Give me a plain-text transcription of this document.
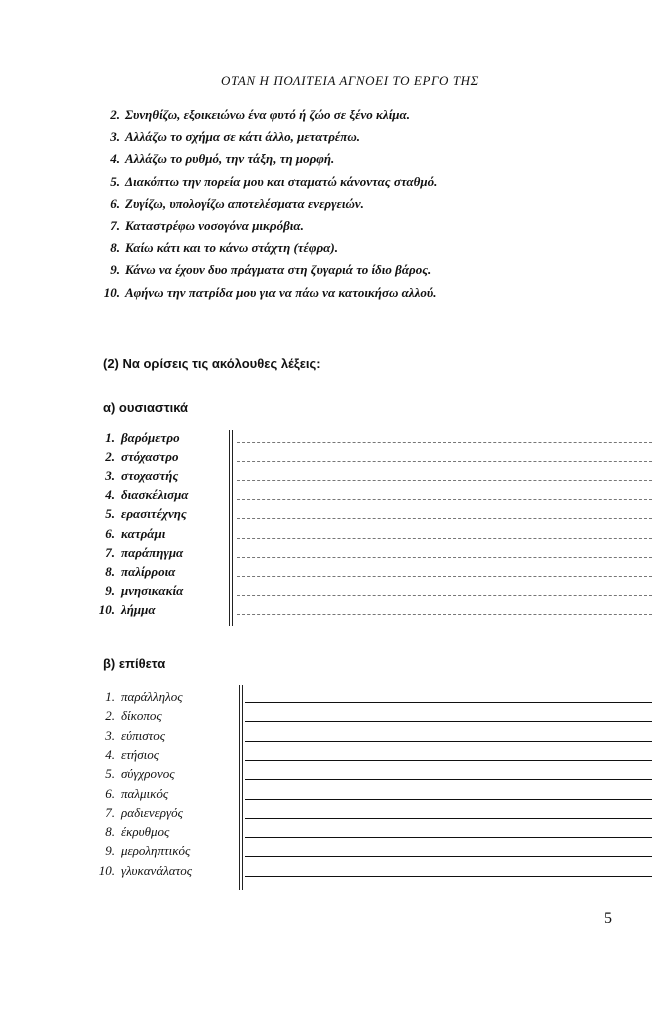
ΟΤΑΝ Η ΠΟΛΙΤΕΙΑ ΑΓΝΟΕΙ ΤΟ ΕΡΓΟ ΤΗΣ
2. Συνηθίζω, εξοικειώνω ένα φυτό ή ζώο σε ξένο κλίμα.
3. Αλλάζω το σχήμα σε κάτι άλλο, μετατρέπω.
4. Αλλάζω το ρυθμό, την τάξη, τη μορφή.
5. Διακόπτω την πορεία μου και σταματώ κάνοντας σταθμό.
6. Ζυγίζω, υπολογίζω αποτελέσματα ενεργειών.
7. Καταστρέφω νοσογόνα μικρόβια.
8. Καίω κάτι και το κάνω στάχτη (τέφρα).
9. Κάνω να έχουν δυο πράγματα στη ζυγαριά το ίδιο βάρος.
10. Αφήνω την πατρίδα μου για να πάω να κατοικήσω αλλού.
(2) Να ορίσεις τις ακόλουθες λέξεις:
α) ουσιαστικά
1. βαρόμετρο
2. στόχαστρο
3. στοχαστής
4. διασκέλισμα
5. ερασιτέχνης
6. κατράμι
7. παράπηγμα
8. παλίρροια
9. μνησικακία
10. λήμμα
β) επίθετα
1. παράλληλος
2. δίκοπος
3. εύπιστος
4. ετήσιος
5. σύγχρονος
6. παλμικός
7. ραδιενεργός
8. έκρυθμος
9. μεροληπτικός
10. γλυκανάλατος
5
